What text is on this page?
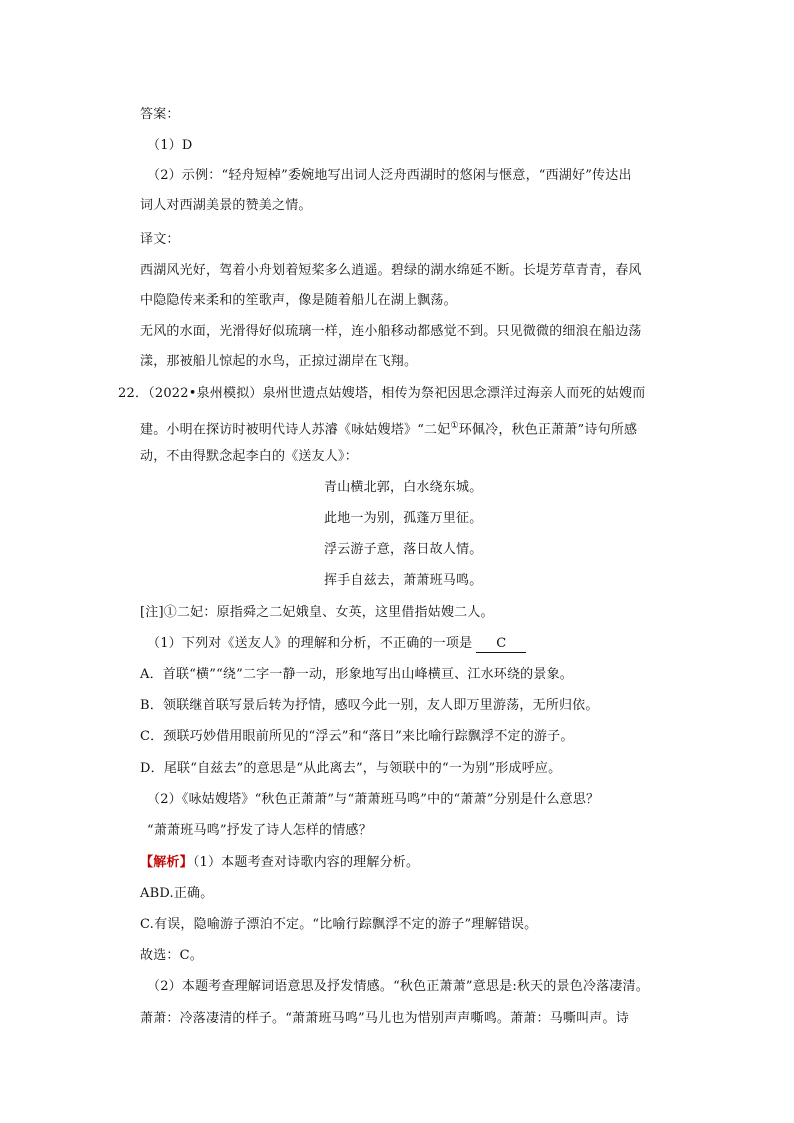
答案：
（1）D
（2）示例：“轻舟短棹”委婉地写出词人泛舟西湖时的悠闲与惬意，“西湖好”传达出
词人对西湖美景的赞美之情。
译文：
西湖风光好，驾着小舟划着短桨多么逍遥。碧绿的湖水绵延不断。长堤芳草青青，春风
中隐隐传来柔和的笙歌声，像是随着船儿在湖上飘荡。
无风的水面，光滑得好似琉璃一样，连小船移动都感觉不到。只见微微的细浪在船边荡
漾，那被船儿惊起的水鸟，正掠过湖岸在飞翔。
22．（2022•泉州模拟）泉州世遗点姑嫂塔，相传为祭祀因思念漂洋过海亲人而死的姑嫂而
建。小明在探访时被明代诗人苏濬《咏姑嫂塔》“二妃①环佩冷，秋色正萧萧”诗句所感
动，不由得默念起李白的《送友人》：
青山横北郭，白水绕东城。
此地一为别，孤蓬万里征。
浮云游子意，落日故人情。
挥手自兹去，萧萧班马鸣。
[注]①二妃：原指舜之二妃娥皇、女英，这里借指姑嫂二人。
（1）下列对《送友人》的理解和分析，不正确的一项是 C
A．首联“横”“绕”二字一静一动，形象地写出山峰横亘、江水环绕的景象。
B．领联继首联写景后转为抒情，感叹今此一别，友人即万里游荡，无所归依。
C．颈联巧妙借用眼前所见的“浮云”和“落日”来比喻行踪飘浮不定的游子。
D．尾联“自兹去”的意思是“从此离去”，与领联中的“一为别”形成呼应。
（2）《咏姑嫂塔》“秋色正萧萧”与“萧萧班马鸣”中的“萧萧”分别是什么意思？
“萧萧班马鸣”抒发了诗人怎样的情感？
【解析】（1）本题考查对诗歌内容的理解分析。
ABD.正确。
C.有误，隐喻游子漂泊不定。“比喻行踪飘浮不定的游子”理解错误。
故选：C。
（2）本题考查理解词语意思及抒发情感。“秋色正萧萧”意思是:秋天的景色冷落凄清。
萧萧：冷落凄清的样子。“萧萧班马鸣”马儿也为惜别声声嘶鸣。萧萧：马嘶叫声。诗
